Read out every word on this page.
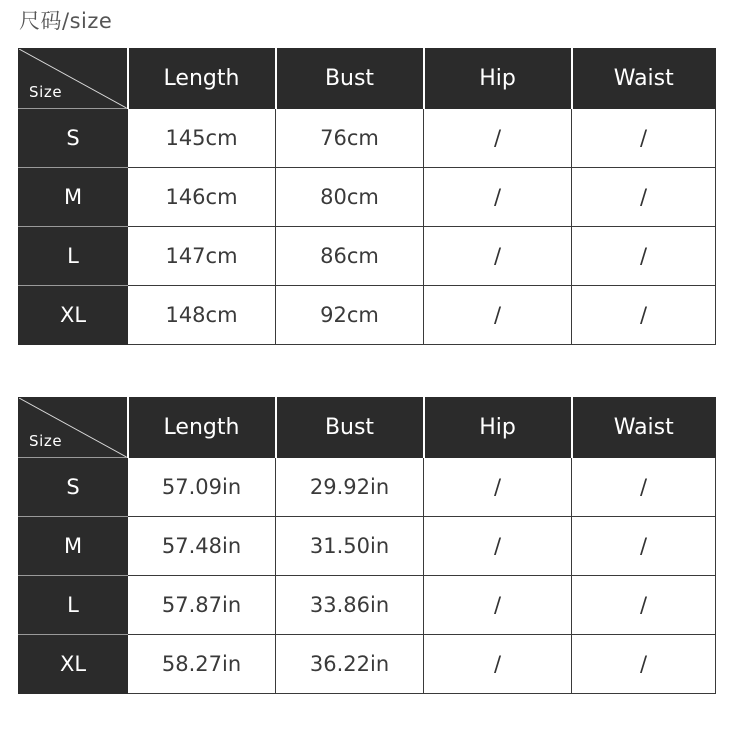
尺码/size
Size	Length	Bust	Hip	Waist
S	145cm	76cm	/	/
M	146cm	80cm	/	/
L	147cm	86cm	/	/
XL	148cm	92cm	/	/
Size	Length	Bust	Hip	Waist
S	57.09in	29.92in	/	/
M	57.48in	31.50in	/	/
L	57.87in	33.86in	/	/
XL	58.27in	36.22in	/	/
